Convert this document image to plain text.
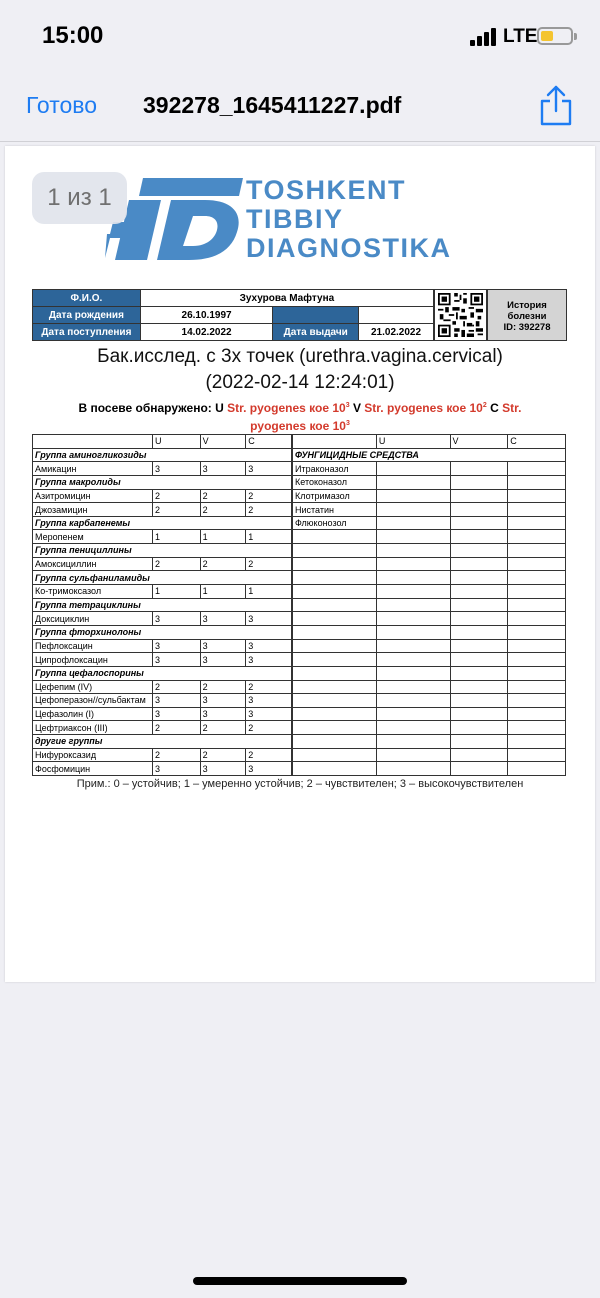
15:00	LTE
Готово 392278_1645411227.pdf
1 из 1	TOSHKENT
TIBBIY
DIAGNOSTIKA
Ф.И.О.	Зухурова Мафтуна		
Дата рождения	26.10.1997		
Дата поступления	14.02.2022	Дата выдачи	21.02.2022
История
болезни
ID: 392278
Бак.исслед. с 3х точек (urethra.vagina.cervical)
(2022-02-14 12:24:01)
В посеве обнаружено: U Str. pyogenes кое $10^3$ V Str. pyogenes кое $10^2$ C Str. pyogenes кое $10^3$
	U	V	C
Группа аминогликозиды			
Амикацин	3	3	3
Группа макролиды			
Азитромицин	2	2	2
Джозамицин	2	2	2
Группа карбапенемы			
Меропенем	1	1	1
Группа пенициллины			
Амоксициллин	2	2	2
Группа сульфаниламиды			
Ко-тримоксазол	1	1	1
Группа тетрациклины			
Доксициклин	3	3	3
Группа фторхинолоны			
Пефлоксацин	3	3	3
Ципрофлоксацин	3	3	3
Группа цефалоспорины			
Цефепим (IV)	2	2	2
Цефоперазон//сульбактам	3	3	3
Цефазолин (I)	3	3	3
Цефтриаксон (III)	2	2	2
другие группы			
Нифуроксазид	2	2	2
Фосфомицин	3	3	3
	U	V	C
ФУНГИЦИДНЫЕ СРЕДСТВА			
Итраконазол			
Кетоконазол			
Клотримазол			
Нистатин			
Флюконозол			

Прим.: 0 – устойчив; 1 – умеренно устойчив; 2 – чувствителен; 3 – высокочувствителен
